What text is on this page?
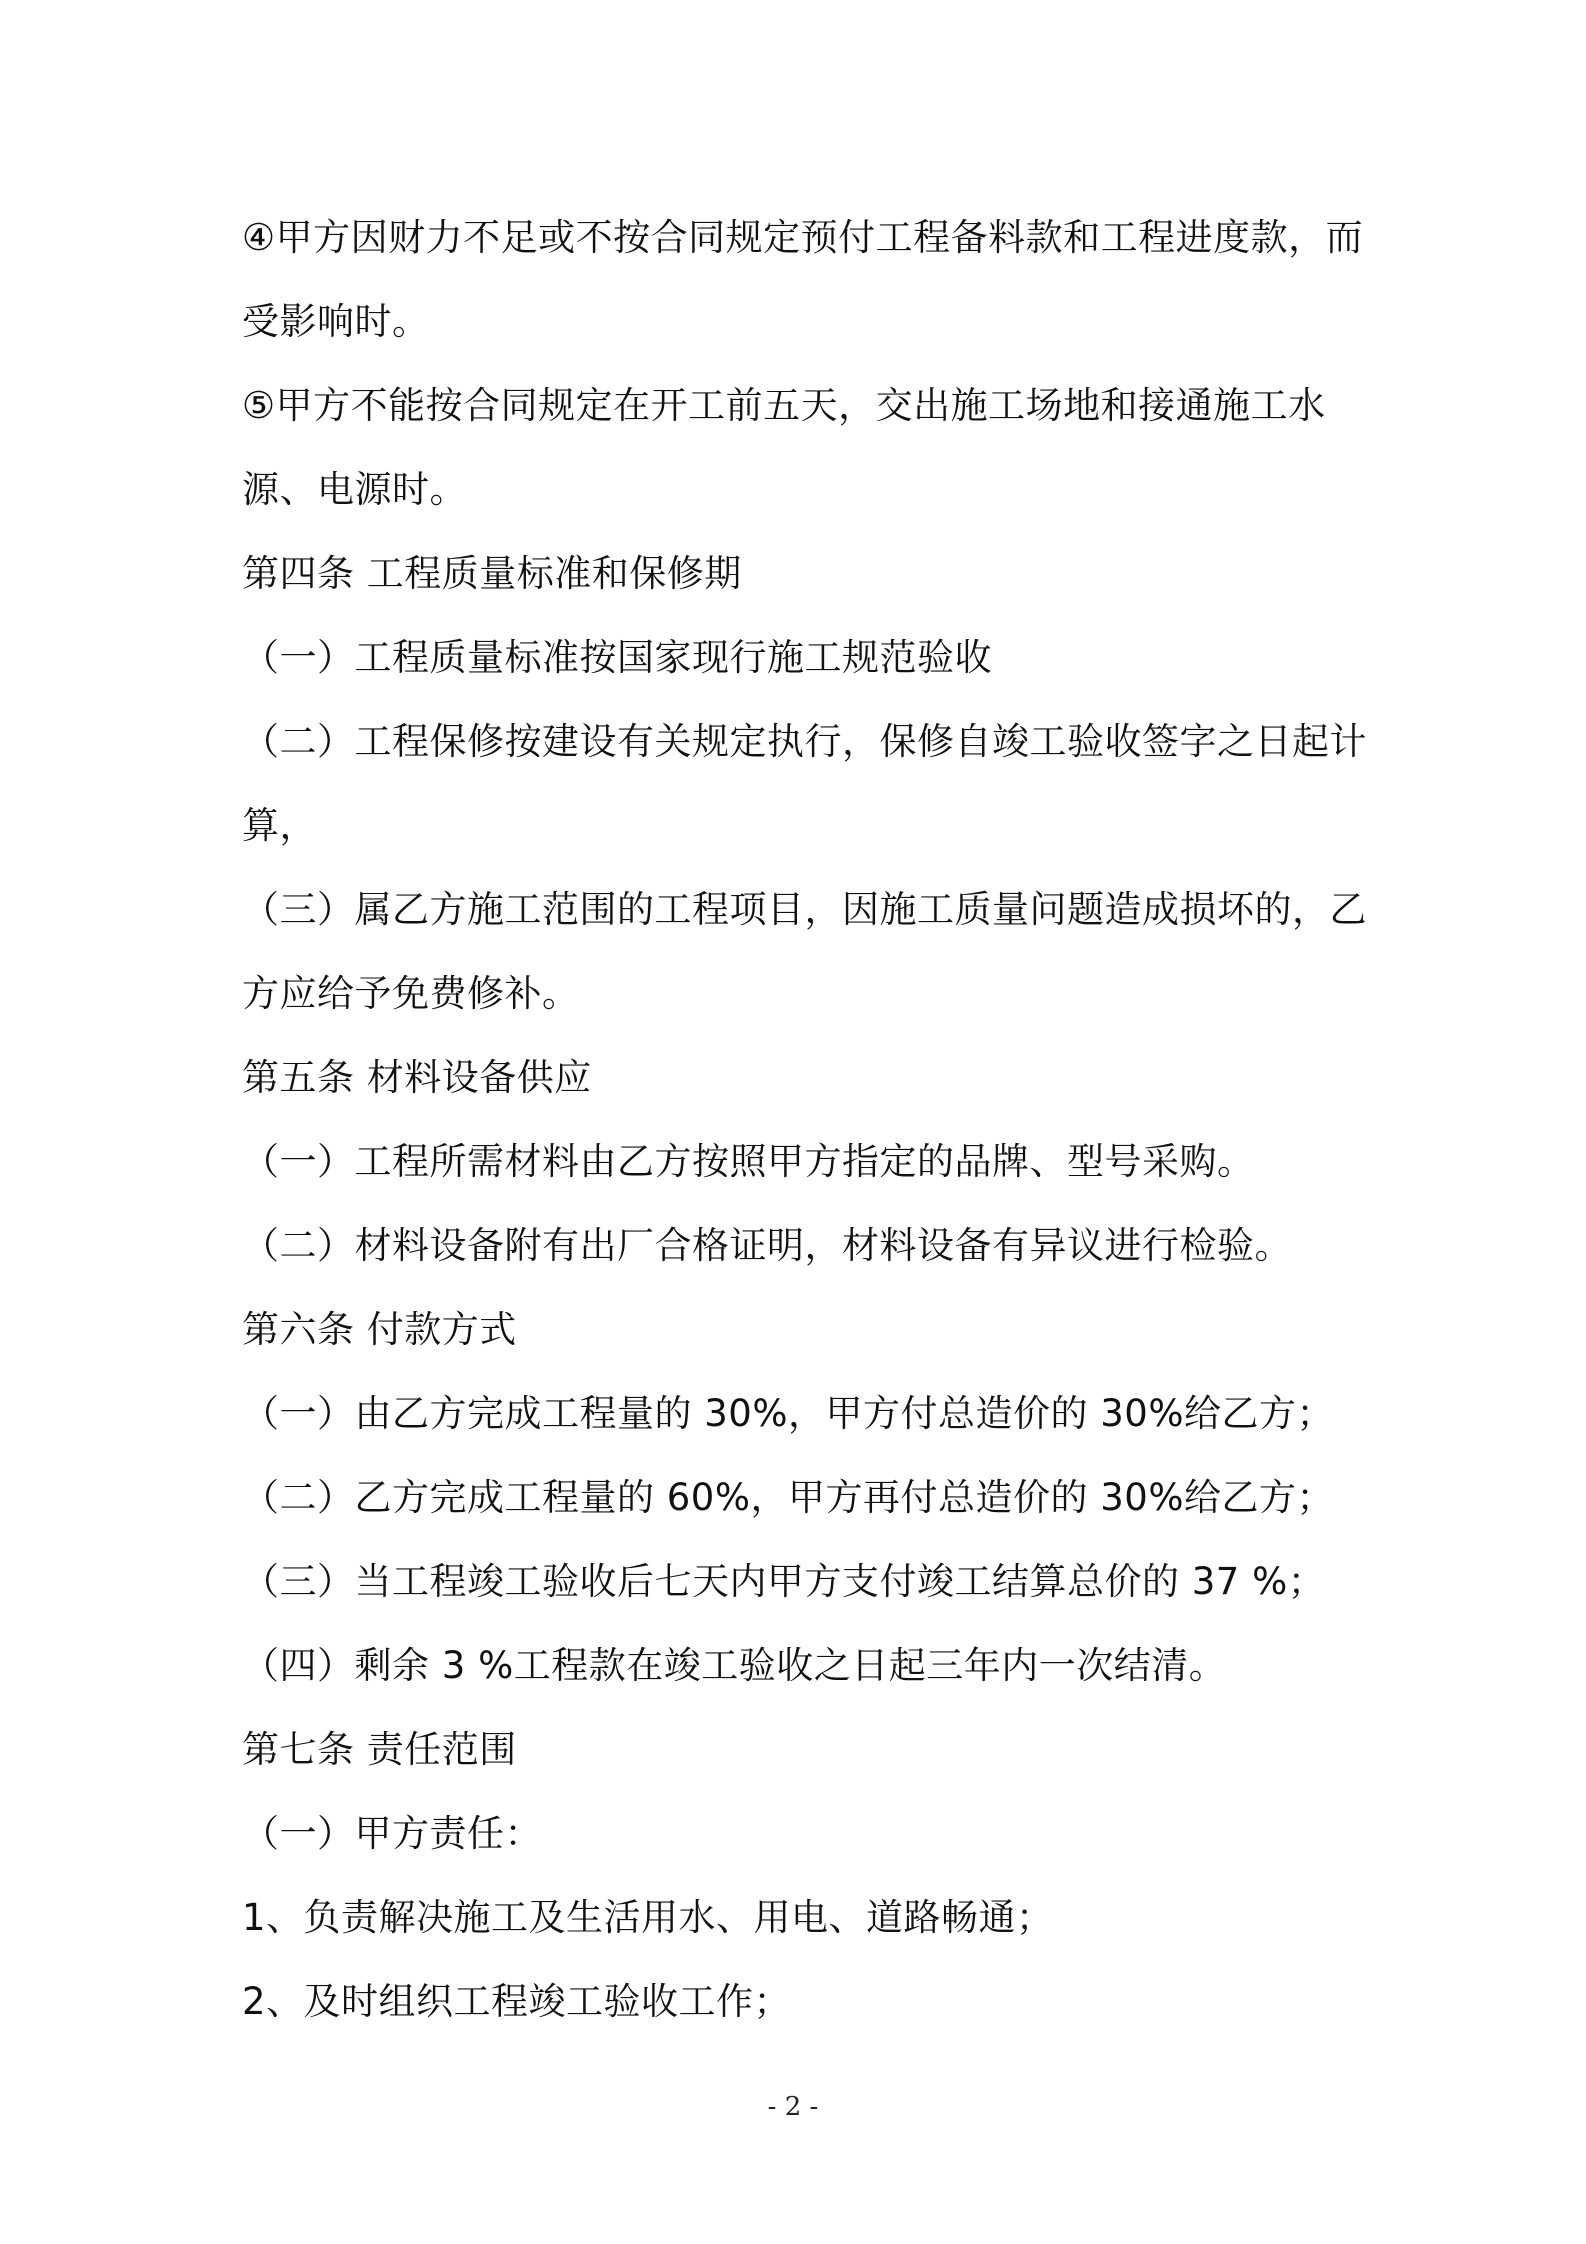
④甲方因财力不足或不按合同规定预付工程备料款和工程进度款，而
受影响时。
⑤甲方不能按合同规定在开工前五天，交出施工场地和接通施工水
源、电源时。
第四条 工程质量标准和保修期
（一）工程质量标准按国家现行施工规范验收
（二）工程保修按建设有关规定执行，保修自竣工验收签字之日起计
算，
（三）属乙方施工范围的工程项目，因施工质量问题造成损坏的，乙
方应给予免费修补。
第五条 材料设备供应
（一）工程所需材料由乙方按照甲方指定的品牌、型号采购。
（二）材料设备附有出厂合格证明，材料设备有异议进行检验。
第六条 付款方式
（一）由乙方完成工程量的 30%，甲方付总造价的 30%给乙方；
（二）乙方完成工程量的 60%，甲方再付总造价的 30%给乙方；
（三）当工程竣工验收后七天内甲方支付竣工结算总价的 37 %；
（四）剩余 3 %工程款在竣工验收之日起三年内一次结清。
第七条 责任范围
（一）甲方责任：
1、负责解决施工及生活用水、用电、道路畅通；
2、及时组织工程竣工验收工作；
- 2 -
